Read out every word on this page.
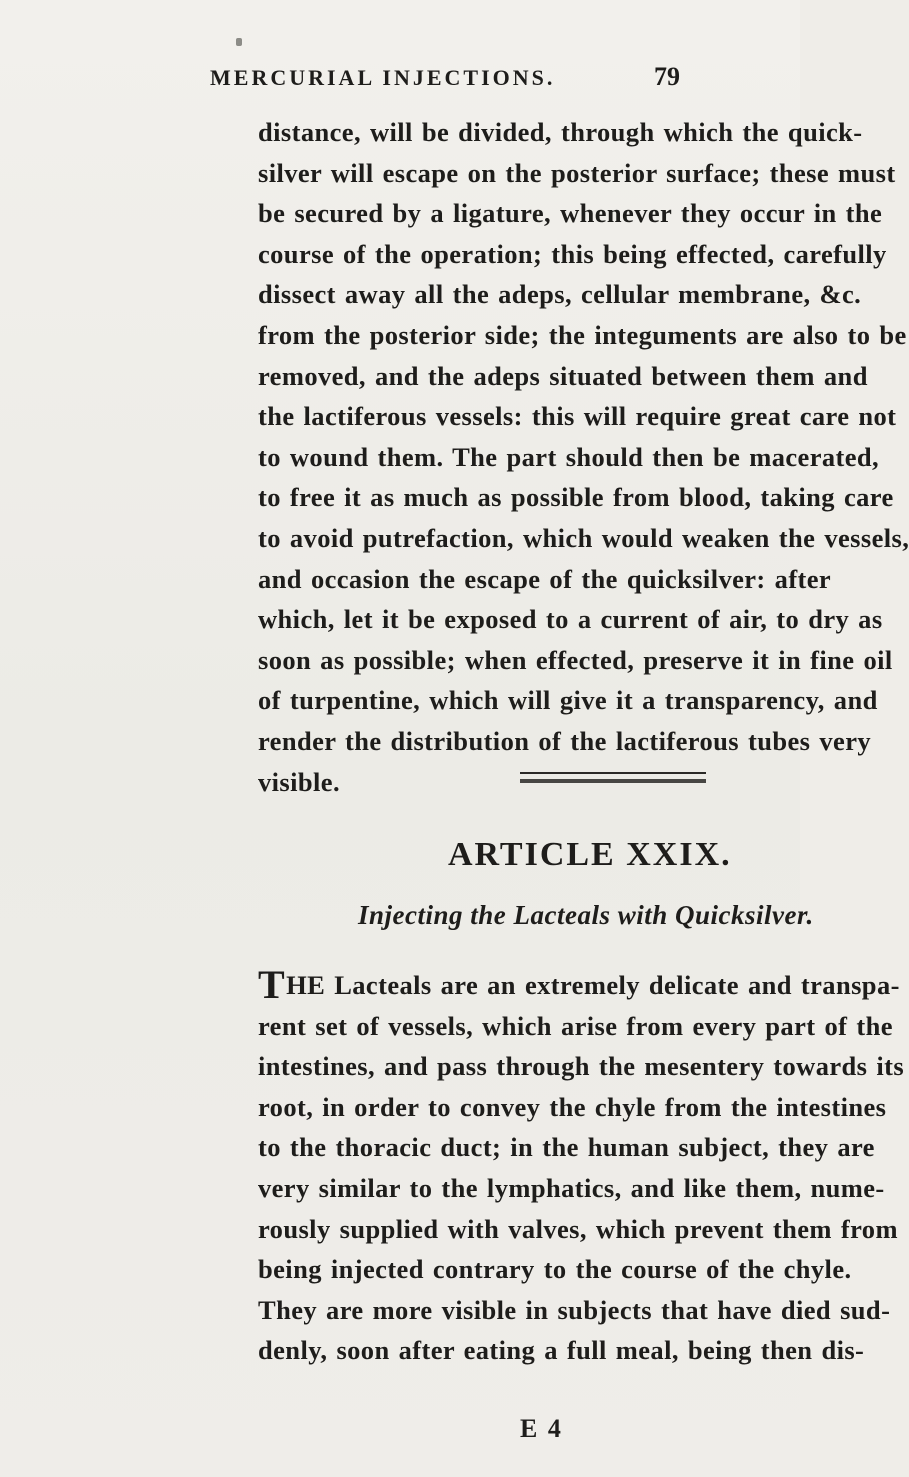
MERCURIAL INJECTIONS.	79
distance, will be divided, through which the quick-
silver will escape on the posterior surface; these must
be secured by a ligature, whenever they occur in the
course of the operation; this being effected, carefully
dissect away all the adeps, cellular membrane, &c.
from the posterior side; the integuments are also to be
removed, and the adeps situated between them and
the lactiferous vessels: this will require great care not
to wound them. The part should then be macerated,
to free it as much as possible from blood, taking care
to avoid putrefaction, which would weaken the vessels,
and occasion the escape of the quicksilver: after
which, let it be exposed to a current of air, to dry as
soon as possible; when effected, preserve it in fine oil
of turpentine, which will give it a transparency, and
render the distribution of the lactiferous tubes very
visible.
ARTICLE XXIX.
Injecting the Lacteals with Quicksilver.
THE Lacteals are an extremely delicate and transpa-
rent set of vessels, which arise from every part of the
intestines, and pass through the mesentery towards its
root, in order to convey the chyle from the intestines
to the thoracic duct; in the human subject, they are
very similar to the lymphatics, and like them, nume-
rously supplied with valves, which prevent them from
being injected contrary to the course of the chyle.
They are more visible in subjects that have died sud-
denly, soon after eating a full meal, being then dis-
E 4
